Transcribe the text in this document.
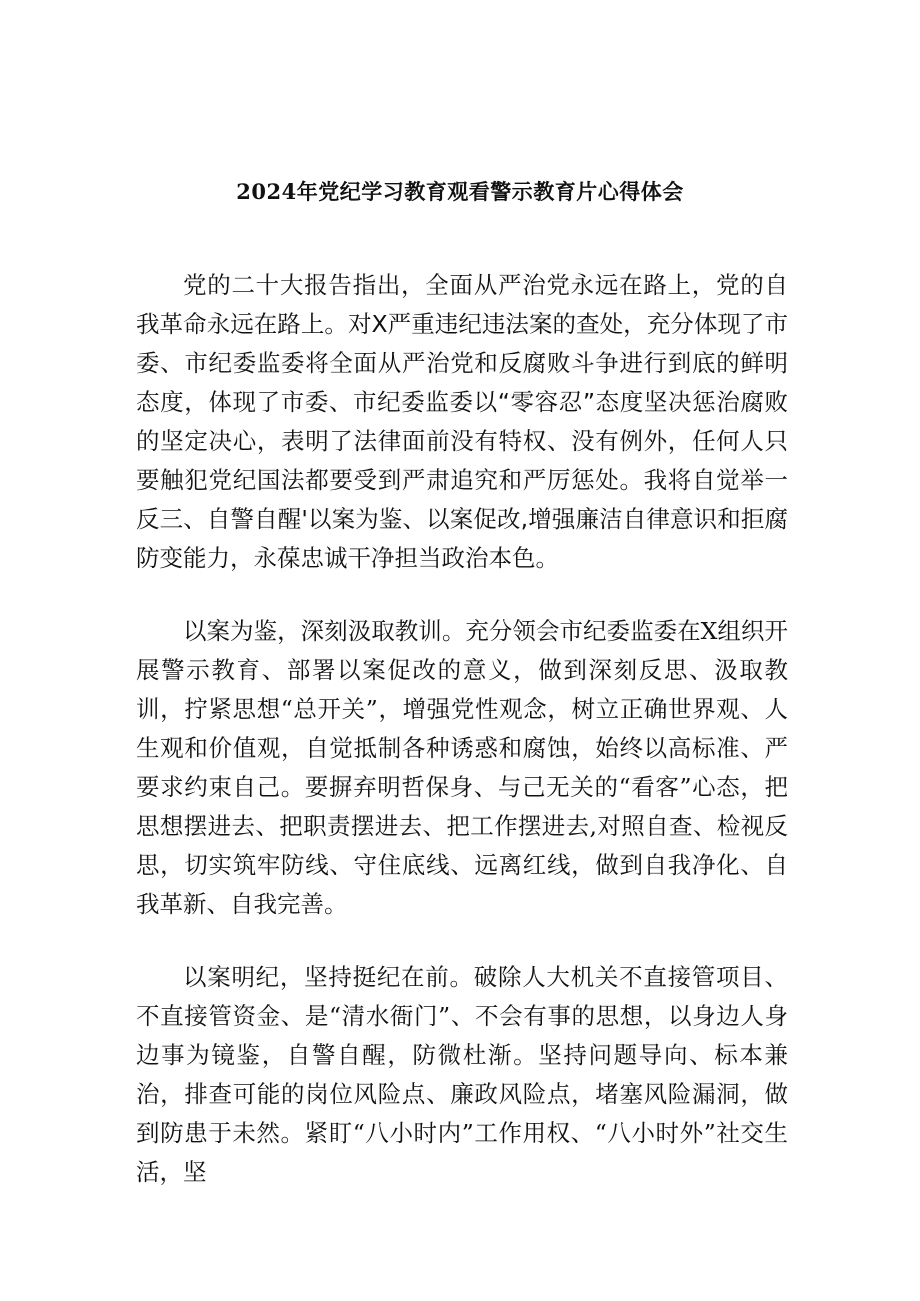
2024年党纪学习教育观看警示教育片心得体会

党的二十大报告指出，全面从严治党永远在路上，党的自我革命永远在路上。对X严重违纪违法案的查处，充分体现了市委、市纪委监委将全面从严治党和反腐败斗争进行到底的鲜明态度，体现了市委、市纪委监委以“零容忍”态度坚决惩治腐败的坚定决心，表明了法律面前没有特权、没有例外，任何人只要触犯党纪国法都要受到严肃追究和严厉惩处。我将自觉举一反三、自警自醒'以案为鉴、以案促改,增强廉洁自律意识和拒腐防变能力，永葆忠诚干净担当政治本色。

以案为鉴，深刻汲取教训。充分领会市纪委监委在X组织开展警示教育、部署以案促改的意义，做到深刻反思、汲取教训，拧紧思想“总开关”，增强党性观念，树立正确世界观、人生观和价值观，自觉抵制各种诱惑和腐蚀，始终以高标准、严要求约束自己。要摒弃明哲保身、与己无关的“看客”心态，把思想摆进去、把职责摆进去、把工作摆进去,对照自查、检视反思，切实筑牢防线、守住底线、远离红线，做到自我净化、自我革新、自我完善。

以案明纪，坚持挺纪在前。破除人大机关不直接管项目、不直接管资金、是“清水衙门”、不会有事的思想，以身边人身边事为镜鉴，自警自醒，防微杜渐。坚持问题导向、标本兼治，排查可能的岗位风险点、廉政风险点，堵塞风险漏洞，做到防患于未然。紧盯“八小时内”工作用权、“八小时外”社交生活，坚
